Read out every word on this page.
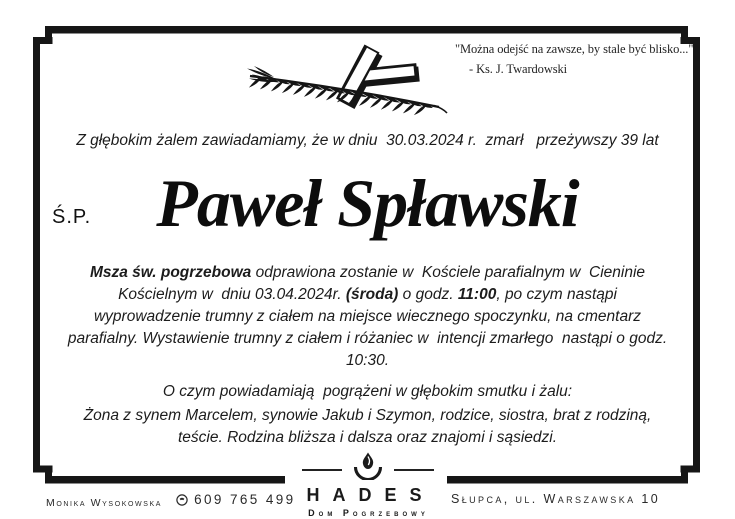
"Można odejść na zawsze, by stale być blisko..."
- Ks. J. Twardowski
Z głębokim żalem zawiadamiamy, że w dniu  30.03.2024 r.  zmarł   przeżywszy 39 lat
Ś.P. Paweł Spławski
Msza św. pogrzebowa odprawiona zostanie w  Kościele parafialnym w  Cieninie Kościelnym w  dniu 03.04.2024r. (środa) o godz. 11:00, po czym nastąpi wyprowadzenie trumny z ciałem na miejsce wiecznego spoczynku, na cmentarz parafialny. Wystawienie trumny z ciałem i różaniec w  intencji zmarłego  nastąpi o godz. 10:30.
O czym powiadamiają  pogrążeni w głębokim smutku i żalu:
Żona z synem Marcelem, synowie Jakub i Szymon, rodzice, siostra, brat z rodziną, teście. Rodzina bliższa i dalsza oraz znajomi i sąsiedzi.
Monika Wysokowska 609 765 499 HADES
Dom Pogrzebowy
Słupca, ul. Warszawska 10
